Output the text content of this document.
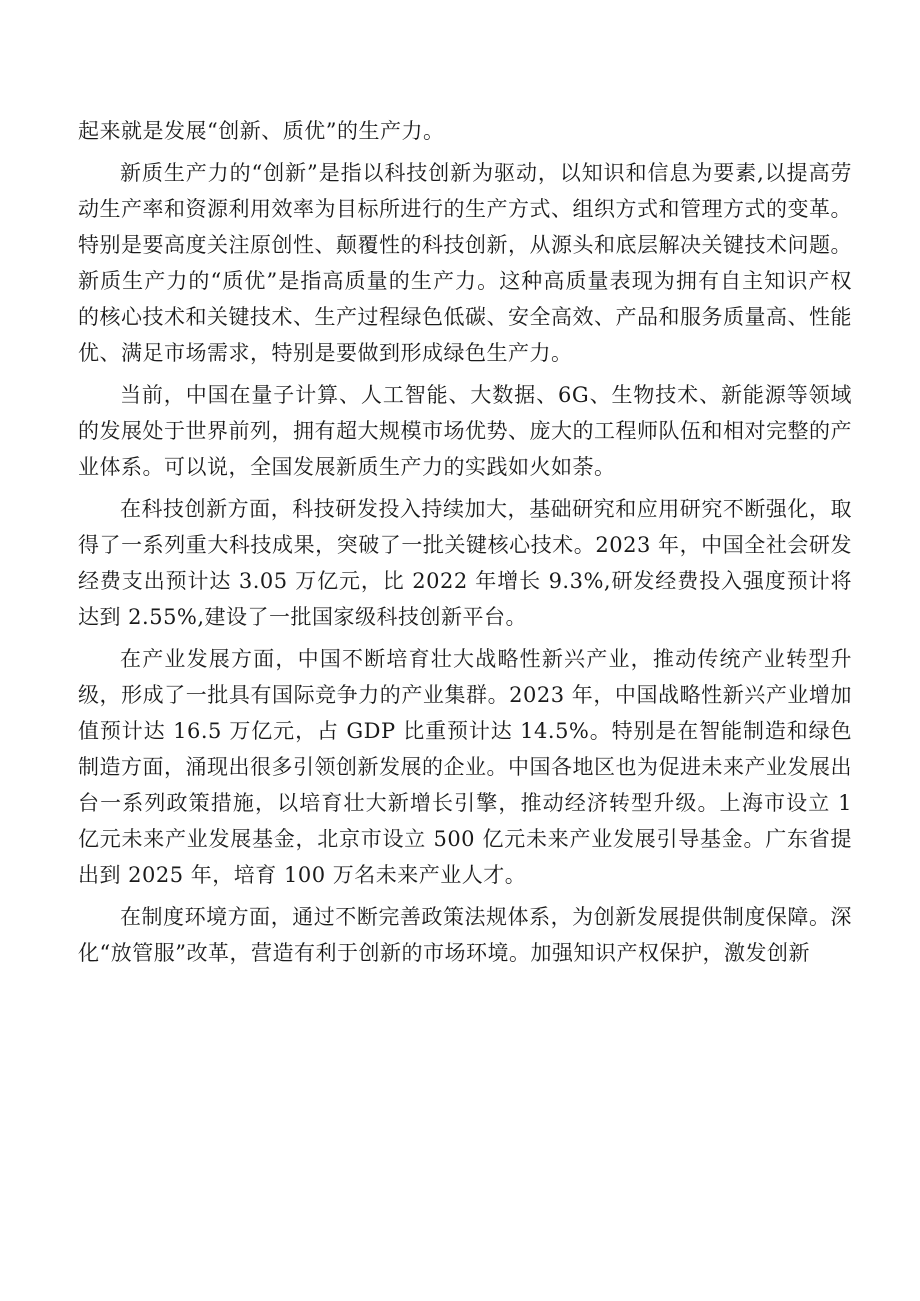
起来就是发展“创新、质优”的生产力。

新质生产力的“创新”是指以科技创新为驱动，以知识和信息为要素,以提高劳动生产率和资源利用效率为目标所进行的生产方式、组织方式和管理方式的变革。特别是要高度关注原创性、颠覆性的科技创新，从源头和底层解决关键技术问题。新质生产力的“质优”是指高质量的生产力。这种高质量表现为拥有自主知识产权的核心技术和关键技术、生产过程绿色低碳、安全高效、产品和服务质量高、性能优、满足市场需求，特别是要做到形成绿色生产力。

当前，中国在量子计算、人工智能、大数据、6G、生物技术、新能源等领域的发展处于世界前列，拥有超大规模市场优势、庞大的工程师队伍和相对完整的产业体系。可以说，全国发展新质生产力的实践如火如荼。

在科技创新方面，科技研发投入持续加大，基础研究和应用研究不断强化，取得了一系列重大科技成果，突破了一批关键核心技术。2023 年，中国全社会研发经费支出预计达 3.05 万亿元，比 2022 年增长 9.3%,研发经费投入强度预计将达到 2.55%,建设了一批国家级科技创新平台。

在产业发展方面，中国不断培育壮大战略性新兴产业，推动传统产业转型升级，形成了一批具有国际竞争力的产业集群。2023 年，中国战略性新兴产业增加值预计达 16.5 万亿元，占 GDP 比重预计达 14.5%。特别是在智能制造和绿色制造方面，涌现出很多引领创新发展的企业。中国各地区也为促进未来产业发展出台一系列政策措施，以培育壮大新增长引擎，推动经济转型升级。上海市设立 1 亿元未来产业发展基金，北京市设立 500 亿元未来产业发展引导基金。广东省提出到 2025 年，培育 100 万名未来产业人才。

在制度环境方面，通过不断完善政策法规体系，为创新发展提供制度保障。深化“放管服”改革，营造有利于创新的市场环境。加强知识产权保护，激发创新
